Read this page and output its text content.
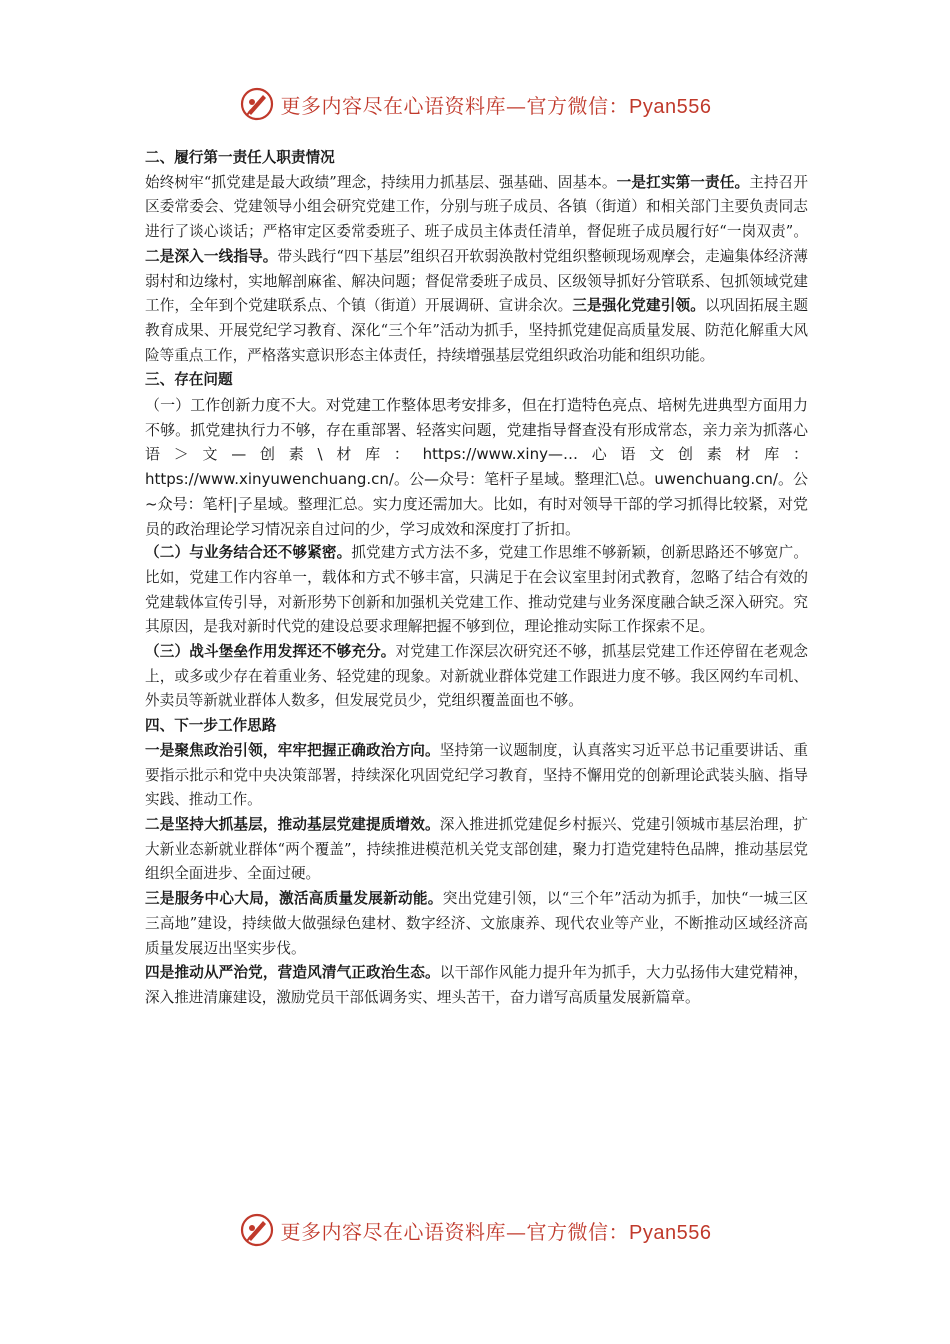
更多内容尽在心语资料库—官方微信：Pyan556
二、履行第一责任人职责情况

始终树牢“抓党建是最大政绩”理念，持续用力抓基层、强基础、固基本。一是扛实第一责任。主持召开区委常委会、党建领导小组会研究党建工作，分别与班子成员、各镇（街道）和相关部门主要负责同志进行了谈心谈话；严格审定区委常委班子、班子成员主体责任清单，督促班子成员履行好“一岗双责”。二是深入一线指导。带头践行“四下基层”组织召开软弱涣散村党组织整顿现场观摩会，走遍集体经济薄弱村和边缘村，实地解剖麻雀、解决问题；督促常委班子成员、区级领导抓好分管联系、包抓领域党建工作，全年到个党建联系点、个镇（街道）开展调研、宣讲余次。三是强化党建引领。以巩固拓展主题教育成果、开展党纪学习教育、深化“三个年”活动为抓手，坚持抓党建促高质量发展、防范化解重大风险等重点工作，严格落实意识形态主体责任，持续增强基层党组织政治功能和组织功能。

三、存在问题

（一）工作创新力度不大。对党建工作整体思考安排多，但在打造特色亮点、培树先进典型方面用力不够。抓党建执行力不够，存在重部署、轻落实问题，党建指导督查没有形成常态，亲力亲为抓落心语＞文—创素\材库：https://www.xiny—…心语文创素材库：https://www.xinyuwenchuang.cn/。公—众号：笔杆子星域。整理汇\总。uwenchuang.cn/。公~众号：笔杆|子星域。整理汇总。实力度还需加大。比如，有时对领导干部的学习抓得比较紧，对党员的政治理论学习情况亲自过问的少，学习成效和深度打了折扣。

（二）与业务结合还不够紧密。抓党建方式方法不多，党建工作思维不够新颖，创新思路还不够宽广。比如，党建工作内容单一，载体和方式不够丰富，只满足于在会议室里封闭式教育，忽略了结合有效的党建载体宣传引导，对新形势下创新和加强机关党建工作、推动党建与业务深度融合缺乏深入研究。究其原因，是我对新时代党的建设总要求理解把握不够到位，理论推动实际工作探索不足。

（三）战斗堡垒作用发挥还不够充分。对党建工作深层次研究还不够，抓基层党建工作还停留在老观念上，或多或少存在着重业务、轻党建的现象。对新就业群体党建工作跟进力度不够。我区网约车司机、外卖员等新就业群体人数多，但发展党员少，党组织覆盖面也不够。

四、下一步工作思路

一是聚焦政治引领，牢牢把握正确政治方向。坚持第一议题制度，认真落实习近平总书记重要讲话、重要指示批示和党中央决策部署，持续深化巩固党纪学习教育，坚持不懈用党的创新理论武装头脑、指导实践、推动工作。

二是坚持大抓基层，推动基层党建提质增效。深入推进抓党建促乡村振兴、党建引领城市基层治理，扩大新业态新就业群体“两个覆盖”，持续推进模范机关党支部创建，聚力打造党建特色品牌，推动基层党组织全面进步、全面过硬。

三是服务中心大局，激活高质量发展新动能。突出党建引领，以“三个年”活动为抓手，加快“一城三区三高地”建设，持续做大做强绿色建材、数字经济、文旅康养、现代农业等产业，不断推动区域经济高质量发展迈出坚实步伐。

四是推动从严治党，营造风清气正政治生态。以干部作风能力提升年为抓手，大力弘扬伟大建党精神，深入推进清廉建设，激励党员干部低调务实、埋头苦干，奋力谱写高质量发展新篇章。

更多内容尽在心语资料库—官方微信：Pyan556
